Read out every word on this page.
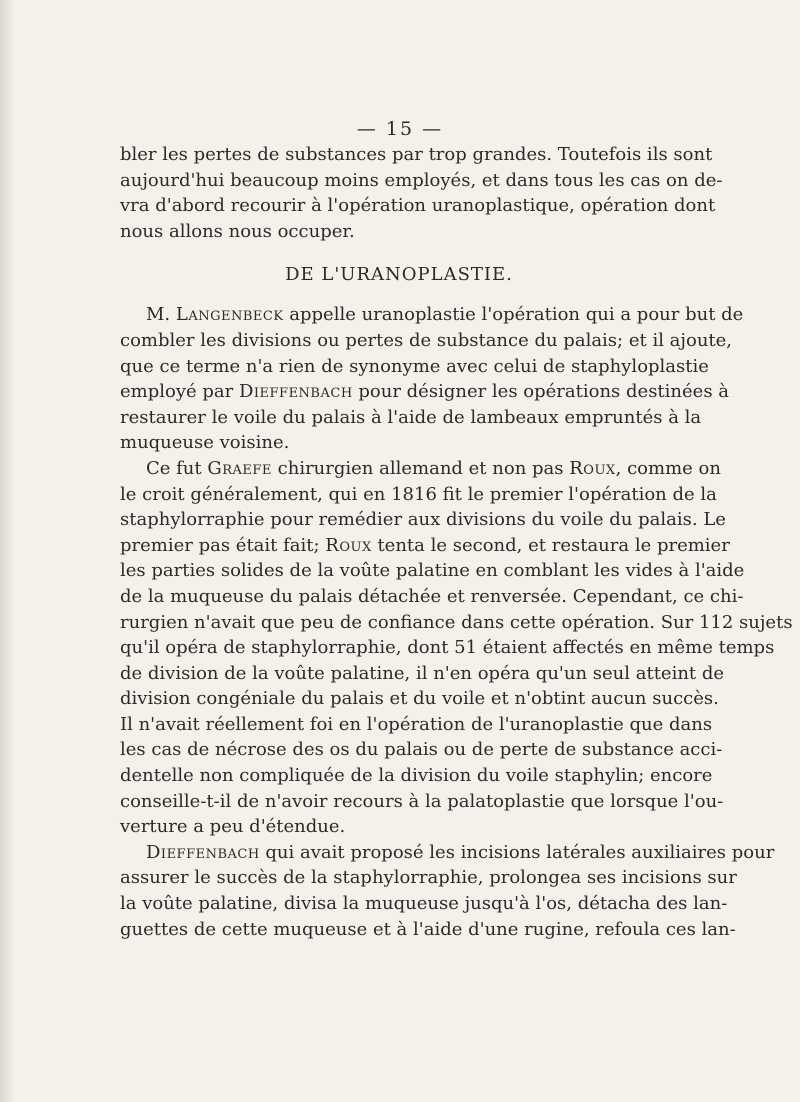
— 15 —

bler les pertes de substances par trop grandes. Toutefois ils sont

aujourd'hui beaucoup moins employés, et dans tous les cas on de-

vra d'abord recourir à l'opération uranoplastique, opération dont

nous allons nous occuper.

DE L'URANOPLASTIE.

M. Langenbeck appelle uranoplastie l'opération qui a pour but de

combler les divisions ou pertes de substance du palais; et il ajoute,

que ce terme n'a rien de synonyme avec celui de staphyloplastie

employé par Dieffenbach pour désigner les opérations destinées à

restaurer le voile du palais à l'aide de lambeaux empruntés à la

muqueuse voisine.

Ce fut Graefe chirurgien allemand et non pas Roux, comme on

le croit généralement, qui en 1816 fit le premier l'opération de la

staphylorraphie pour remédier aux divisions du voile du palais. Le

premier pas était fait; Roux tenta le second, et restaura le premier

les parties solides de la voûte palatine en comblant les vides à l'aide

de la muqueuse du palais détachée et renversée. Cependant, ce chi-

rurgien n'avait que peu de confiance dans cette opération. Sur 112 sujets

qu'il opéra de staphylorraphie, dont 51 étaient affectés en même temps

de division de la voûte palatine, il n'en opéra qu'un seul atteint de

division congéniale du palais et du voile et n'obtint aucun succès.

Il n'avait réellement foi en l'opération de l'uranoplastie que dans

les cas de nécrose des os du palais ou de perte de substance acci-

dentelle non compliquée de la division du voile staphylin; encore

conseille-t-il de n'avoir recours à la palatoplastie que lorsque l'ou-

verture a peu d'étendue.

Dieffenbach qui avait proposé les incisions latérales auxiliaires pour

assurer le succès de la staphylorraphie, prolongea ses incisions sur

la voûte palatine, divisa la muqueuse jusqu'à l'os, détacha des lan-

guettes de cette muqueuse et à l'aide d'une rugine, refoula ces lan-
